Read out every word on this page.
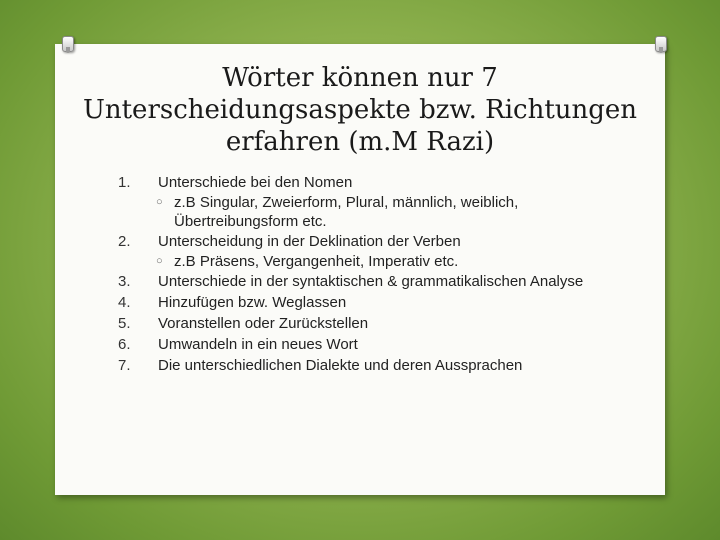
Wörter können nur 7
Unterscheidungsaspekte bzw. Richtungen
erfahren (m.M Razi)
1.	Unterschiede bei den Nomen
○ z.B Singular, Zweierform, Plural, männlich, weiblich, Übertreibungsform etc.
2.	Unterscheidung in der Deklination der Verben
○ z.B Präsens, Vergangenheit, Imperativ etc.
3.	Unterschiede in der syntaktischen & grammatikalischen Analyse
4.	Hinzufügen bzw. Weglassen
5.	Voranstellen oder Zurückstellen
6.	Umwandeln in ein neues Wort
7.	Die unterschiedlichen Dialekte und deren Aussprachen
